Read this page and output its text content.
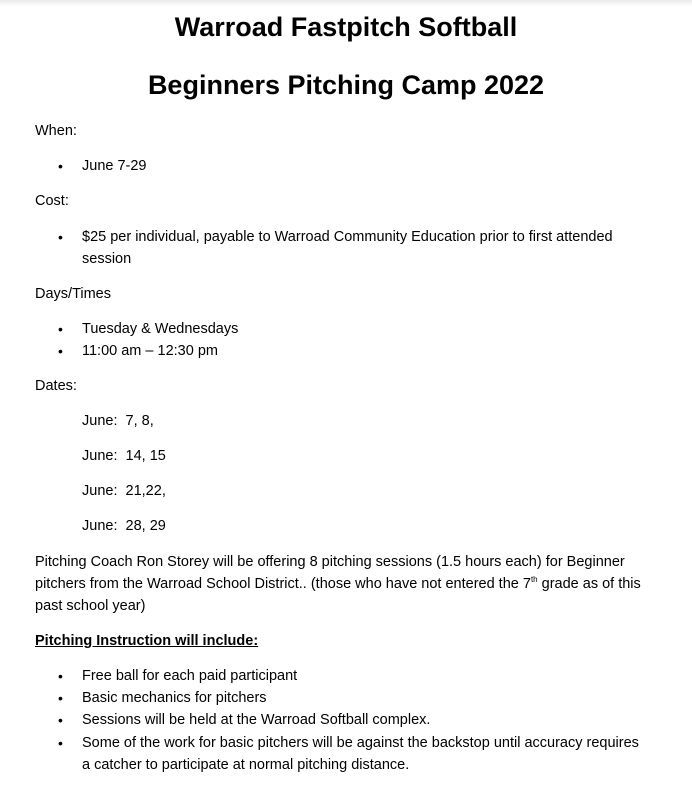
Warroad Fastpitch Softball
Beginners Pitching Camp 2022
When:
• June 7-29
Cost:
• $25 per individual, payable to Warroad Community Education prior to first attended
session
Days/Times
• Tuesday & Wednesdays
• 11:00 am – 12:30 pm
Dates:
June:  7, 8,
June:  14, 15
June:  21,22,
June:  28, 29
Pitching Coach Ron Storey will be offering 8 pitching sessions (1.5 hours each) for Beginner
pitchers from the Warroad School District.. (those who have not entered the 7th grade as of this
past school year)
Pitching Instruction will include:
• Free ball for each paid participant
• Basic mechanics for pitchers
• Sessions will be held at the Warroad Softball complex.
• Some of the work for basic pitchers will be against the backstop until accuracy requires
a catcher to participate at normal pitching distance.
